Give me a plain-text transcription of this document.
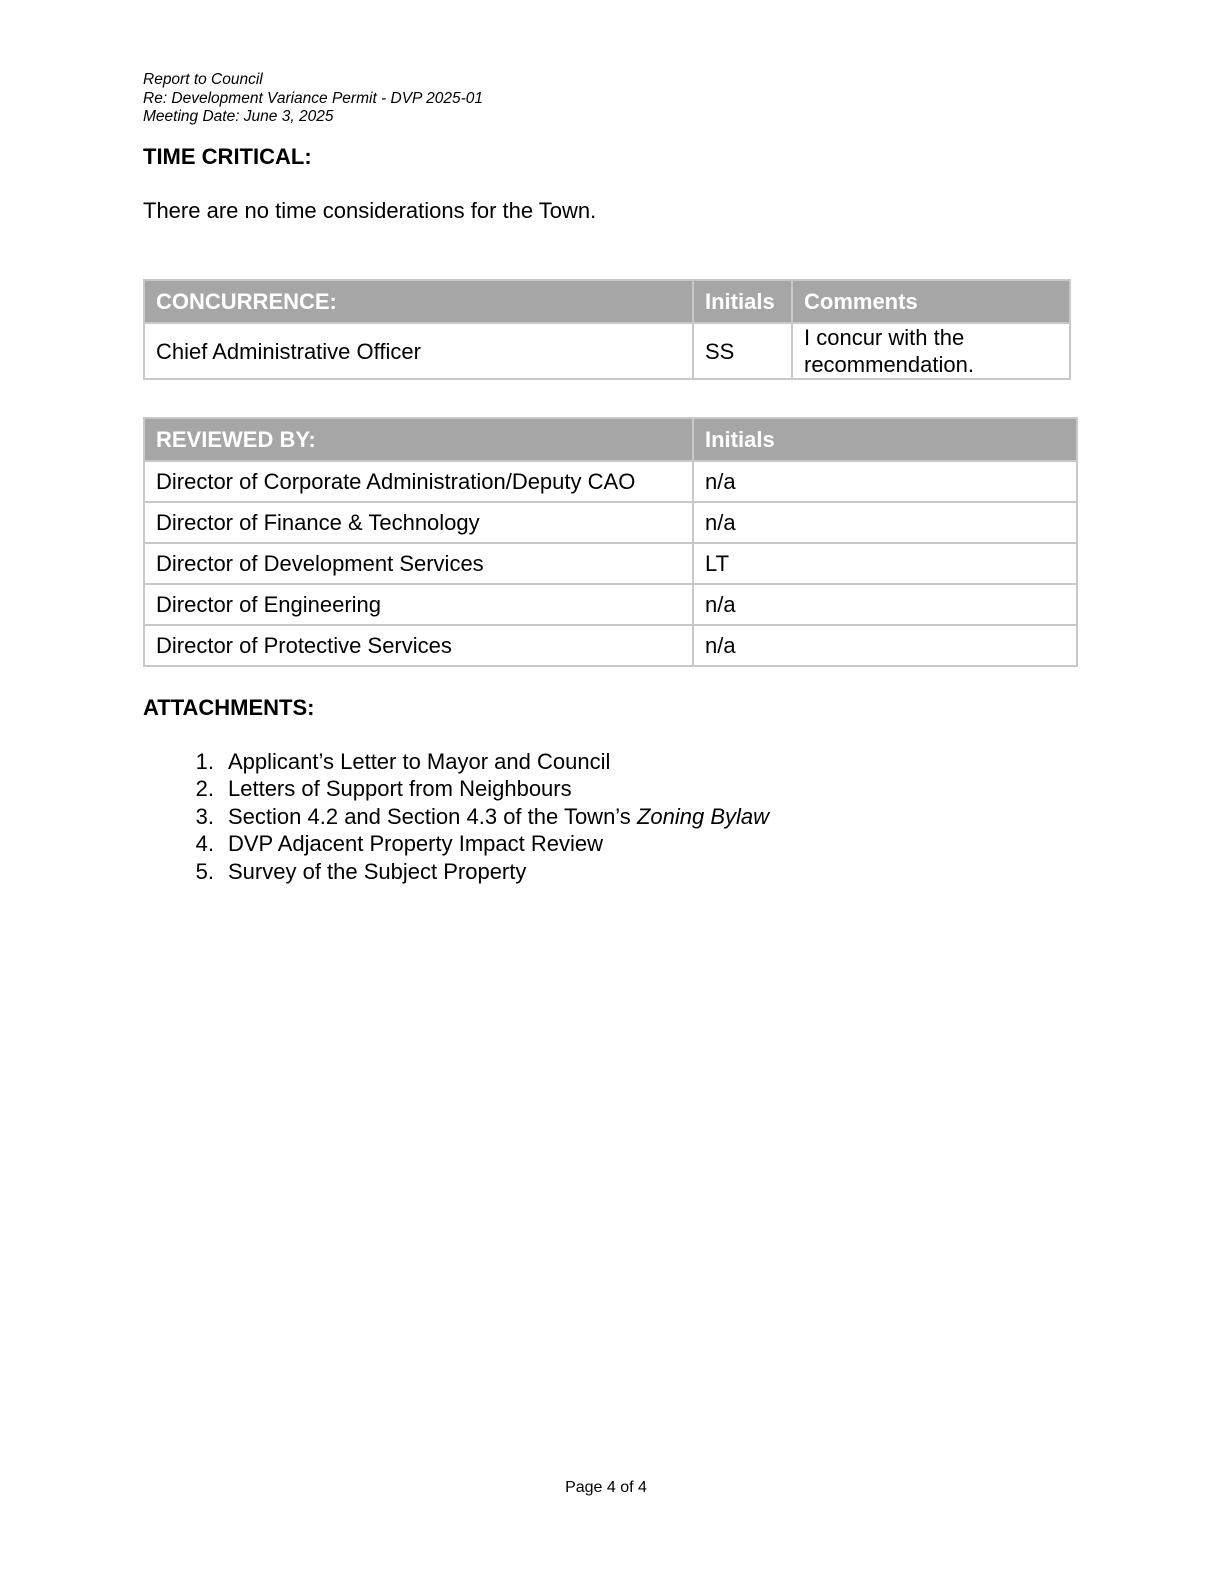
Report to Council
Re: Development Variance Permit - DVP 2025-01
Meeting Date: June 3, 2025
TIME CRITICAL:

There are no time considerations for the Town.

CONCURRENCE:	Initials	Comments
Chief Administrative Officer	SS	I concur with the recommendation.
REVIEWED BY:	Initials
Director of Corporate Administration/Deputy CAO	n/a
Director of Finance & Technology	n/a
Director of Development Services	LT
Director of Engineering	n/a
Director of Protective Services	n/a
ATTACHMENTS:
1. Applicant’s Letter to Mayor and Council
2. Letters of Support from Neighbours
3. Section 4.2 and Section 4.3 of the Town’s Zoning Bylaw
4. DVP Adjacent Property Impact Review
5. Survey of the Subject Property
Page 4 of 4
